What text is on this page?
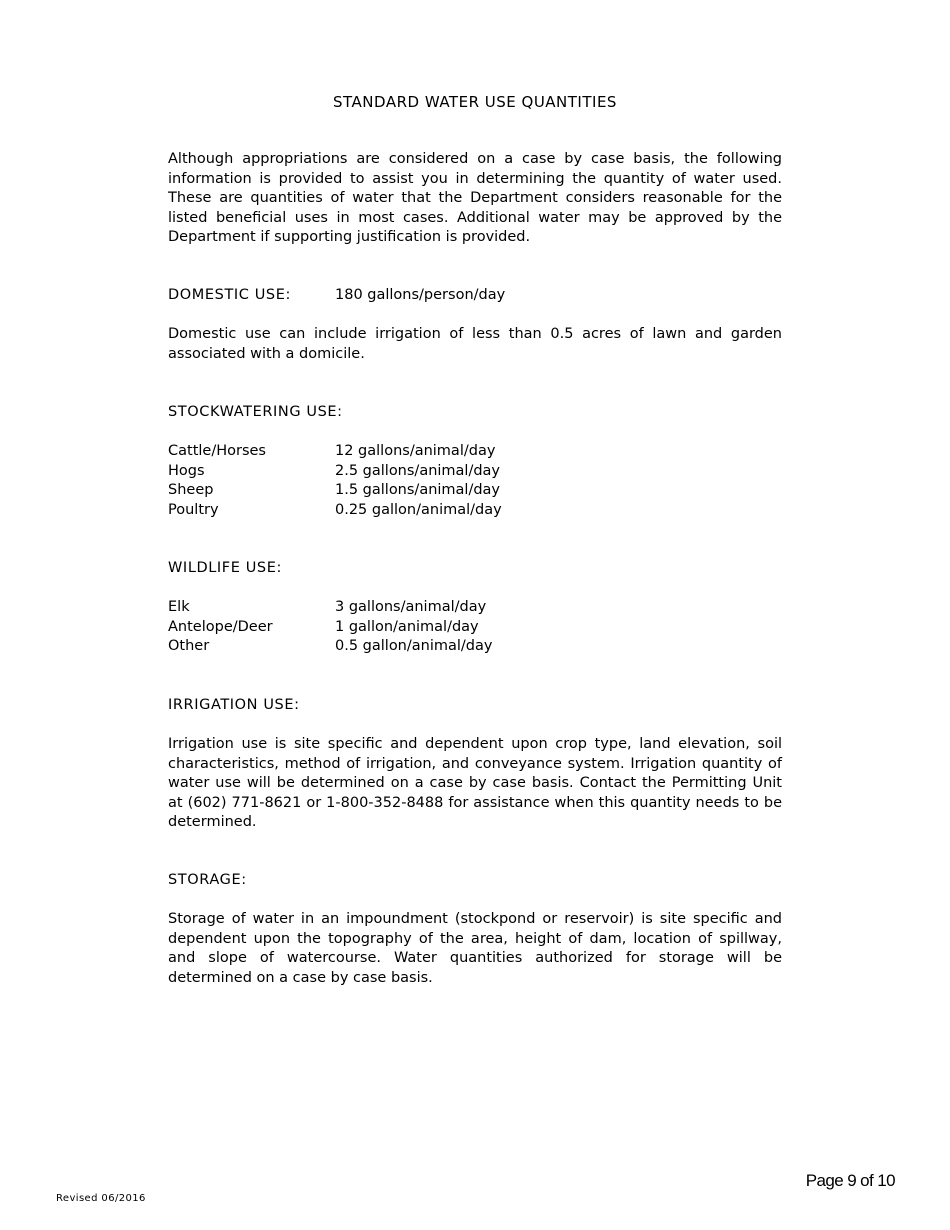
STANDARD WATER USE QUANTITIES

Although appropriations are considered on a case by case basis, the following information is provided to assist you in determining the quantity of water used. These are quantities of water that the Department considers reasonable for the listed beneficial uses in most cases. Additional water may be approved by the Department if supporting justification is provided.

DOMESTIC USE:	180 gallons/person/day

Domestic use can include irrigation of less than 0.5 acres of lawn and garden associated with a domicile.

STOCKWATERING USE:

Cattle/Horses	12 gallons/animal/day
Hogs	2.5 gallons/animal/day
Sheep	1.5 gallons/animal/day
Poultry	0.25 gallon/animal/day

WILDLIFE USE:

Elk	3 gallons/animal/day
Antelope/Deer	1 gallon/animal/day
Other	0.5 gallon/animal/day

IRRIGATION USE:

Irrigation use is site specific and dependent upon crop type, land elevation, soil characteristics, method of irrigation, and conveyance system. Irrigation quantity of water use will be determined on a case by case basis. Contact the Permitting Unit at (602) 771-8621 or 1-800-352-8488 for assistance when this quantity needs to be determined.

STORAGE:

Storage of water in an impoundment (stockpond or reservoir) is site specific and dependent upon the topography of the area, height of dam, location of spillway, and slope of watercourse. Water quantities authorized for storage will be determined on a case by case basis.

Page 9 of 10
Revised 06/2016
